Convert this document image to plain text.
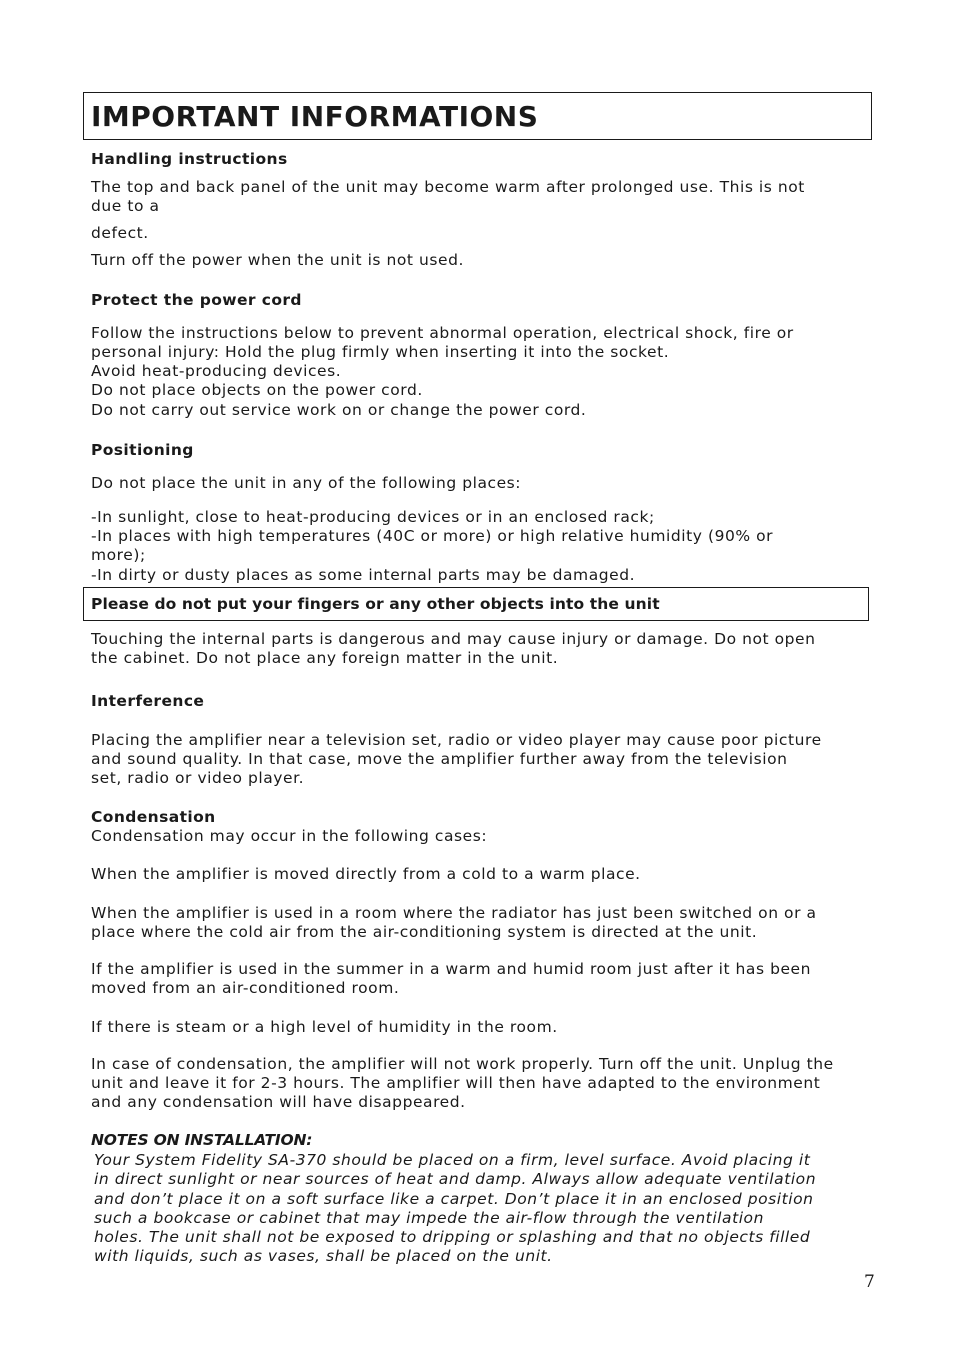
IMPORTANT INFORMATIONS
Handling instructions

The top and back panel of the unit may become warm after prolonged use. This is not

due to a

defect.

Turn off the power when the unit is not used.

Protect the power cord

Follow the instructions below to prevent abnormal operation, electrical shock, fire or

personal injury: Hold the plug firmly when inserting it into the socket.

Avoid heat-producing devices.

Do not place objects on the power cord.

Do not carry out service work on or change the power cord.

Positioning

Do not place the unit in any of the following places:

-In sunlight, close to heat-producing devices or in an enclosed rack;

-In places with high temperatures (40C or more) or high relative humidity (90% or

more);

-In dirty or dusty places as some internal parts may be damaged.

Please do not put your fingers or any other objects into the unit

Touching the internal parts is dangerous and may cause injury or damage. Do not open

the cabinet. Do not place any foreign matter in the unit.

Interference

Placing the amplifier near a television set, radio or video player may cause poor picture

and sound quality. In that case, move the amplifier further away from the television

set, radio or video player.

Condensation

Condensation may occur in the following cases:

When the amplifier is moved directly from a cold to a warm place.

When the amplifier is used in a room where the radiator has just been switched on or a

place where the cold air from the air-conditioning system is directed at the unit.

If the amplifier is used in the summer in a warm and humid room just after it has been

moved from an air-conditioned room.

If there is steam or a high level of humidity in the room.

In case of condensation, the amplifier will not work properly. Turn off the unit. Unplug the

unit and leave it for 2-3 hours. The amplifier will then have adapted to the environment

and any condensation will have disappeared.

NOTES ON INSTALLATION:
Your System Fidelity SA-370 should be placed on a firm, level surface. Avoid placing it
in direct sunlight or near sources of heat and damp. Always allow adequate ventilation
and don’t place it on a soft surface like a carpet. Don’t place it in an enclosed position
such a bookcase or cabinet that may impede the air-flow through the ventilation
holes. The unit shall not be exposed to dripping or splashing and that no objects filled
with liquids, such as vases, shall be placed on the unit.

7
